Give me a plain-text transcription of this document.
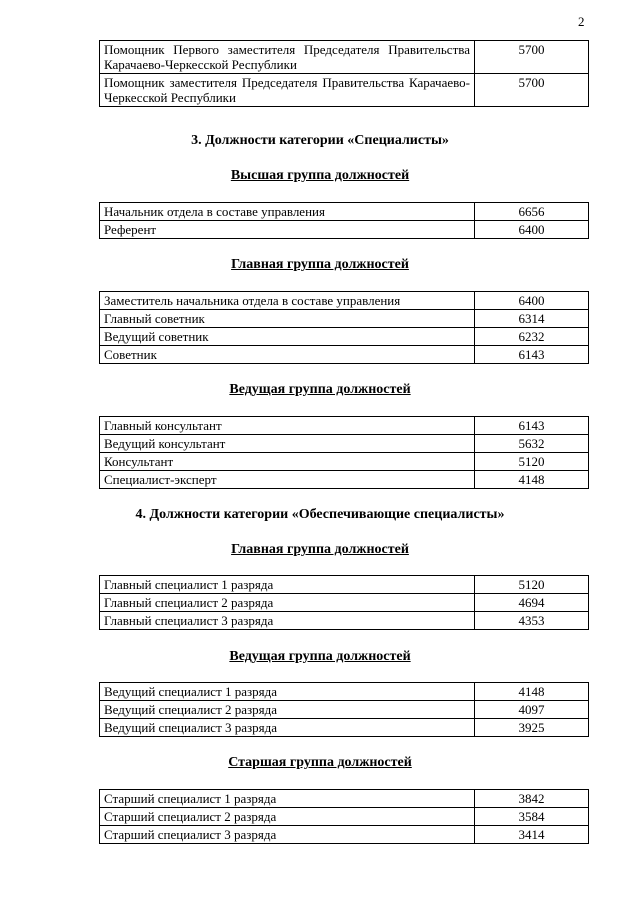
2
Помощник Первого заместителя Председателя Правительства Карачаево-Черкесской Республики	5700
Помощник заместителя Председателя Правительства Карачаево-Черкесской Республики	5700
3. Должности категории «Специалисты»
Высшая группа должностей
Начальник отдела в составе управления	6656
Референт	6400
Главная группа должностей
Заместитель начальника отдела в составе управления	6400
Главный советник	6314
Ведущий советник	6232
Советник	6143
Ведущая группа должностей
Главный консультант	6143
Ведущий консультант	5632
Консультант	5120
Специалист-эксперт	4148
4. Должности категории «Обеспечивающие специалисты»
Главная группа должностей
Главный специалист 1 разряда	5120
Главный специалист 2 разряда	4694
Главный специалист 3 разряда	4353
Ведущая группа должностей
Ведущий специалист 1 разряда	4148
Ведущий специалист 2 разряда	4097
Ведущий специалист 3 разряда	3925
Старшая группа должностей
Старший специалист 1 разряда	3842
Старший специалист 2 разряда	3584
Старший специалист 3 разряда	3414
